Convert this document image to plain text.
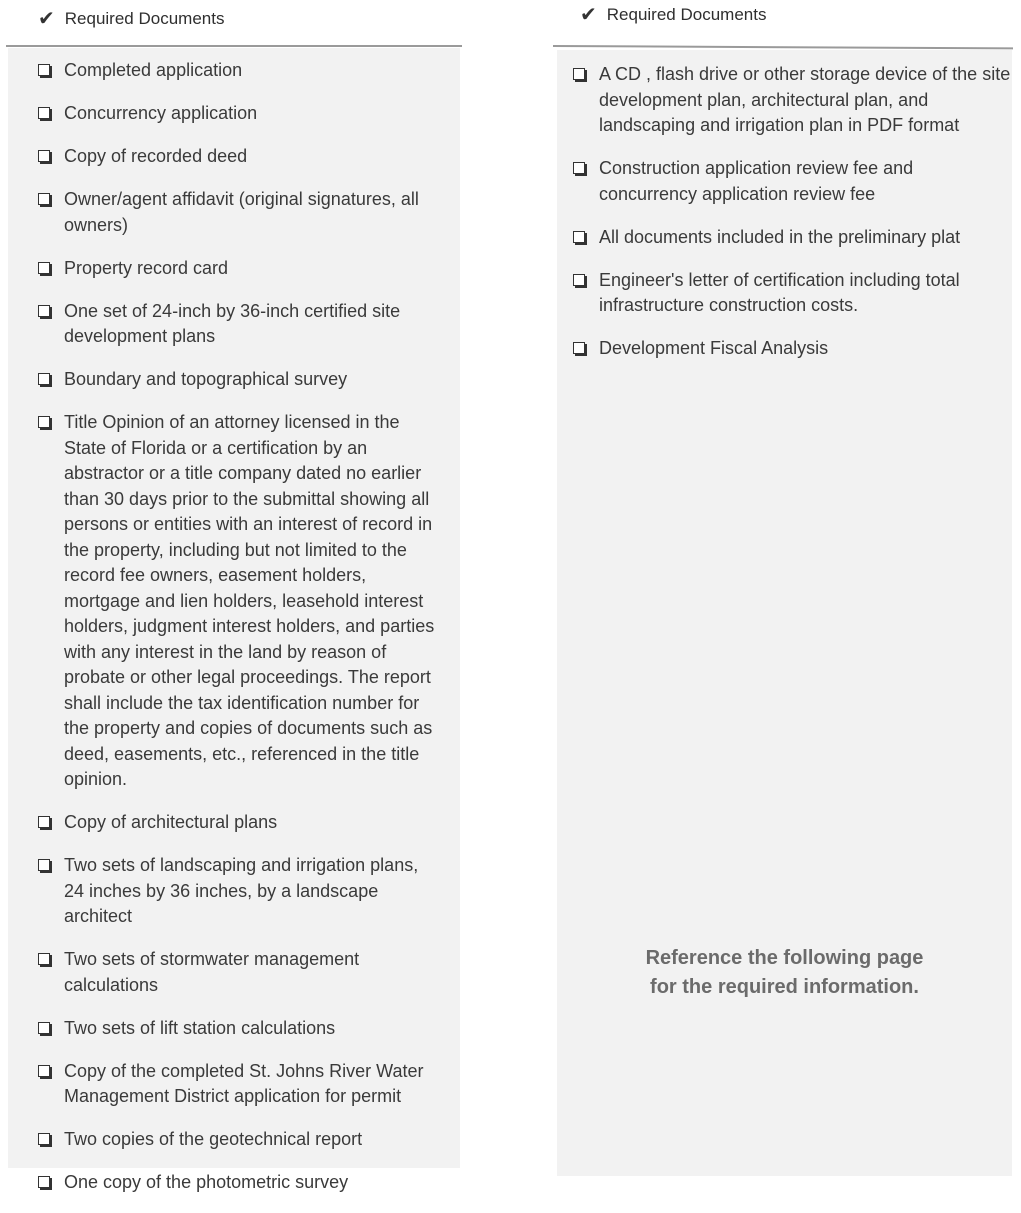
✔ Required Documents
Completed application
Concurrency application
Copy of recorded deed
Owner/agent affidavit (original signatures, all owners)
Property record card
One set of 24-inch by 36-inch certified site development plans
Boundary and topographical survey
Title Opinion of an attorney licensed in the State of Florida or a certification by an abstractor or a title company dated no earlier than 30 days prior to the submittal showing all persons or entities with an interest of record in the property, including but not limited to the record fee owners, easement holders, mortgage and lien holders, leasehold interest holders, judgment interest holders, and parties with any interest in the land by reason of probate or other legal proceedings. The report shall include the tax identification number for the property and copies of documents such as deed, easements, etc., referenced in the title opinion.
Copy of architectural plans
Two sets of landscaping and irrigation plans, 24 inches by 36 inches, by a landscape architect
Two sets of stormwater management calculations
Two sets of lift station calculations
Copy of the completed St. Johns River Water Management District application for permit
Two copies of the geotechnical report
One copy of the photometric survey
✔ Required Documents
A CD , flash drive or other storage device of the site development plan, architectural plan, and landscaping and irrigation plan in PDF format
Construction application review fee and concurrency application review fee
All documents included in the preliminary plat
Engineer's letter of certification including total infrastructure construction costs.
Development Fiscal Analysis
Reference the following page
for the required information.
